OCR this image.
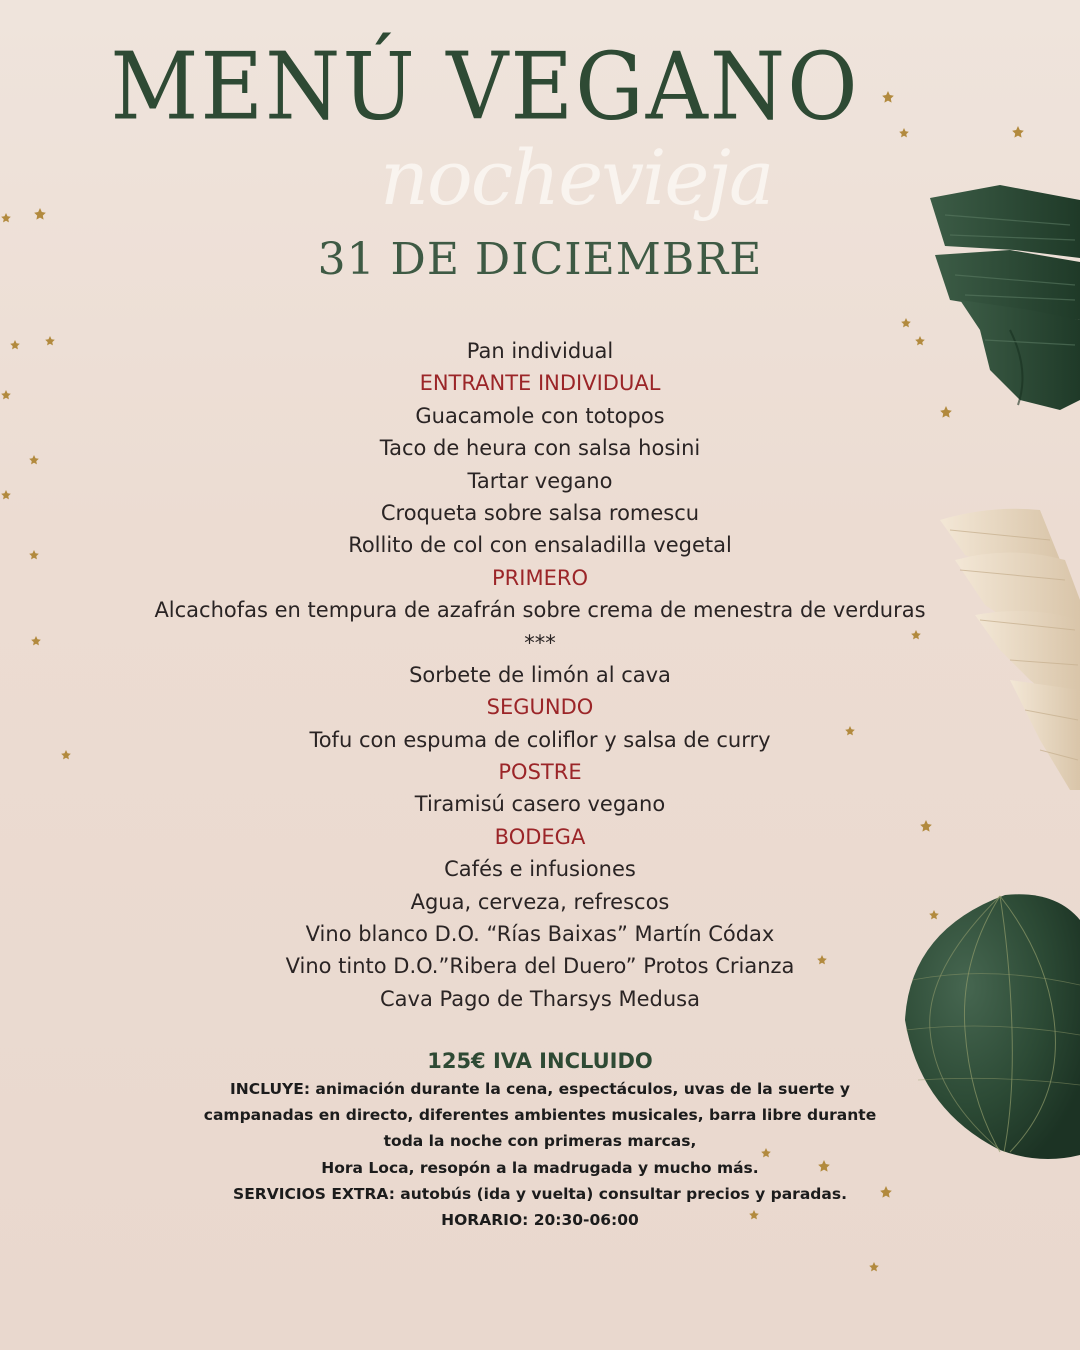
MENÚ VEGANO
nochevieja
31 DE DICIEMBRE
Pan individual
ENTRANTE INDIVIDUAL
Guacamole con totopos
Taco de heura con salsa hosini
Tartar vegano
Croqueta sobre salsa romescu
Rollito de col con ensaladilla vegetal
PRIMERO
Alcachofas en tempura de azafrán sobre crema de menestra de verduras
***
Sorbete de limón al cava
SEGUNDO
Tofu con espuma de coliflor y salsa de curry
POSTRE
Tiramisú casero vegano
BODEGA
Cafés e infusiones
Agua, cerveza, refrescos
Vino blanco D.O. “Rías Baixas” Martín Códax
Vino tinto D.O.”Ribera del Duero” Protos Crianza
Cava Pago de Tharsys Medusa
125€ IVA INCLUIDO
INCLUYE: animación durante la cena, espectáculos, uvas de la suerte y
campanadas en directo, diferentes ambientes musicales, barra libre durante
toda la noche con primeras marcas,
Hora Loca, resopón a la madrugada y mucho más.
SERVICIOS EXTRA: autobús (ida y vuelta) consultar precios y paradas.
HORARIO: 20:30-06:00
